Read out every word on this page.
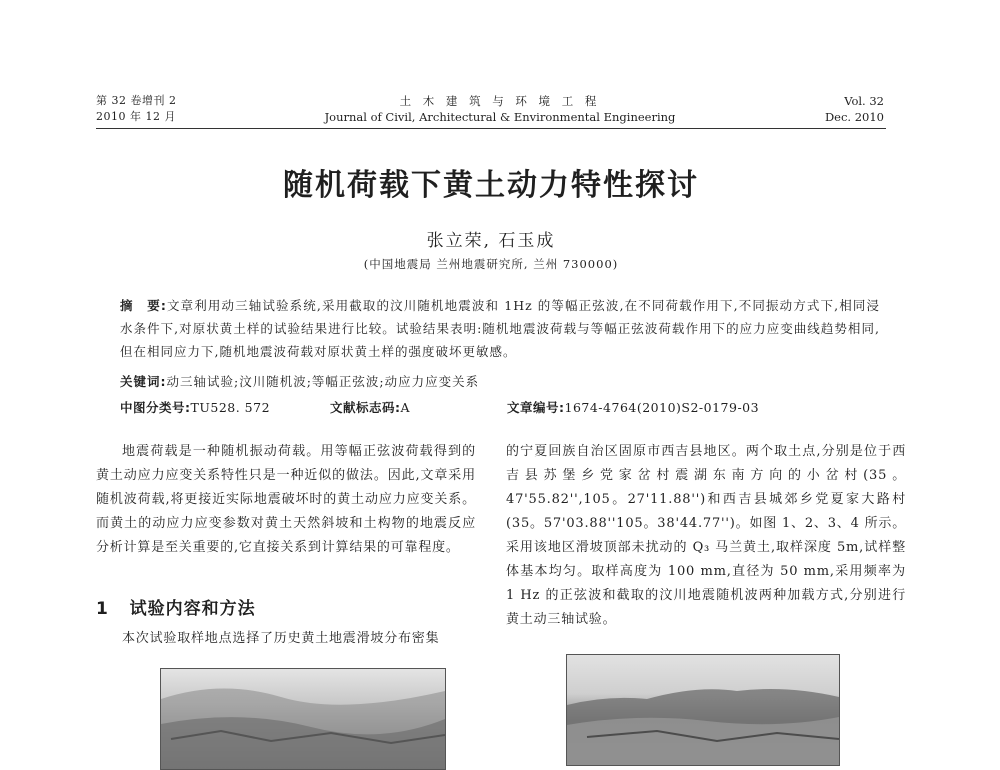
第 32 卷增刊 2
2010 年 12 月
土 木 建 筑 与 环 境 工 程
Journal of Civil, Architectural & Environmental Engineering
Vol. 32
Dec. 2010
随机荷载下黄土动力特性探讨
张立荣, 石玉成
(中国地震局 兰州地震研究所, 兰州 730000)
摘　要:文章利用动三轴试验系统,采用截取的汶川随机地震波和 1Hz 的等幅正弦波,在不同荷载作用下,不同振动方式下,相同浸水条件下,对原状黄土样的试验结果进行比较。试验结果表明:随机地震波荷载与等幅正弦波荷载作用下的应力应变曲线趋势相同,但在相同应力下,随机地震波荷载对原状黄土样的强度破坏更敏感。
关键词:动三轴试验;汶川随机波;等幅正弦波;动应力应变关系
中图分类号:TU528. 572	文献标志码:A	文章编号:1674-4764(2010)S2-0179-03

地震荷载是一种随机振动荷载。用等幅正弦波荷载得到的黄土动应力应变关系特性只是一种近似的做法。因此,文章采用随机波荷载,将更接近实际地震破坏时的黄土动应力应变关系。而黄土的动应力应变参数对黄土天然斜坡和土构物的地震反应分析计算是至关重要的,它直接关系到计算结果的可靠程度。

1 试验内容和方法

本次试验取样地点选择了历史黄土地震滑坡分布密集

的宁夏回族自治区固原市西吉县地区。两个取土点,分别是位于西吉县苏堡乡党家岔村震湖东南方向的小岔村(35。47'55.82'',105。27'11.88'')和西吉县城郊乡党夏家大路村(35。57'03.88''105。38'44.77'')。如图 1、2、3、4 所示。采用该地区滑坡顶部未扰动的 Q₃ 马兰黄土,取样深度 5m,试样整体基本均匀。取样高度为 100 mm,直径为 50 mm,采用频率为 1 Hz 的正弦波和截取的汶川地震随机波两种加载方式,分别进行黄土动三轴试验。
